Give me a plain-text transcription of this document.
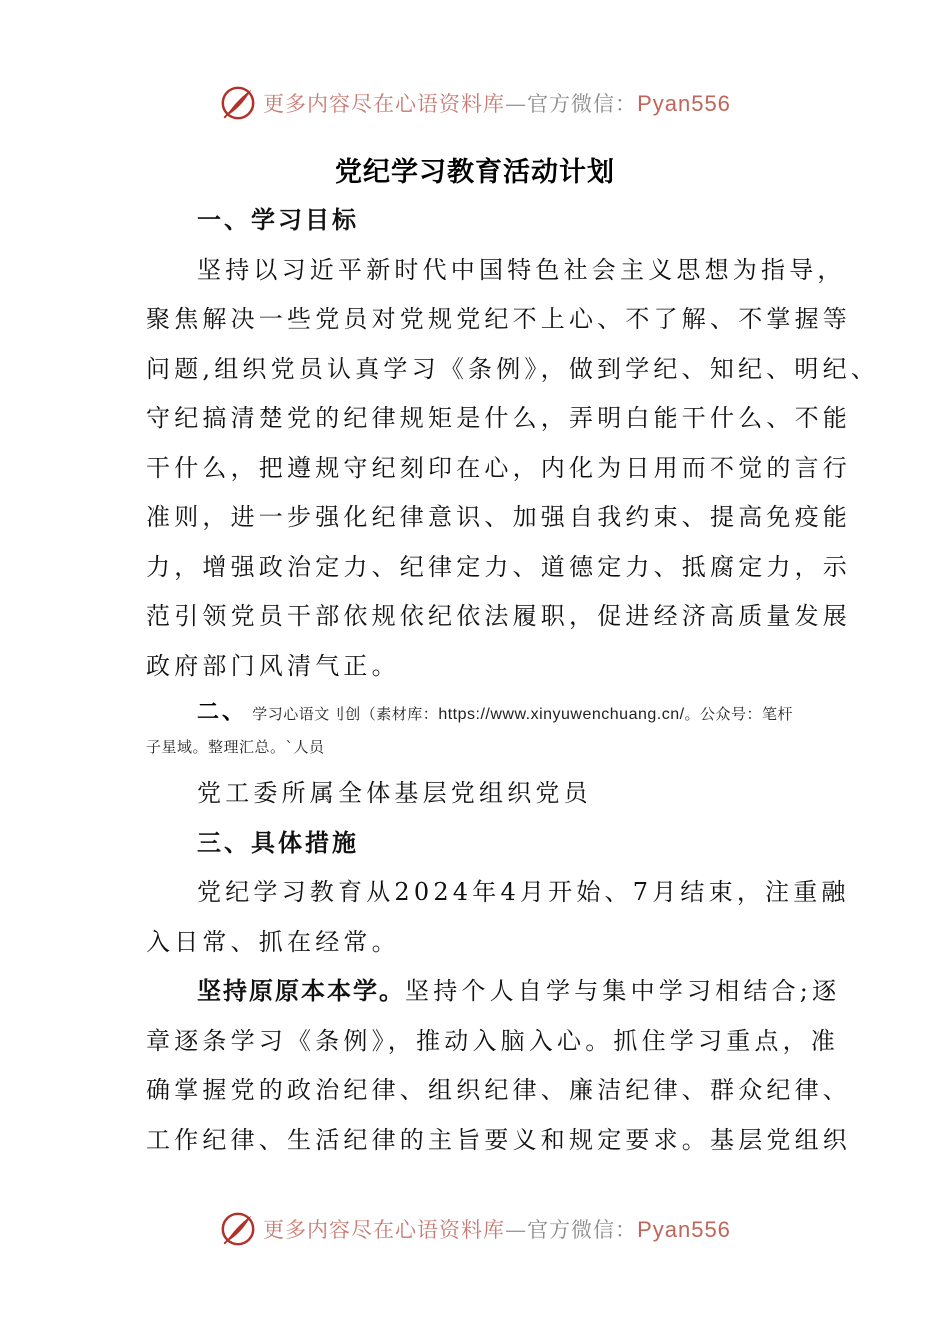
更多内容尽在心语资料库—官方微信：Pyan556
党纪学习教育活动计划
一、学习目标
坚持以习近平新时代中国特色社会主义思想为指导，
聚焦解决一些党员对党规党纪不上心、不了解、不掌握等
问题,组织党员认真学习《条例》，做到学纪、知纪、明纪、
守纪搞清楚党的纪律规矩是什么，弄明白能干什么、不能
干什么，把遵规守纪刻印在心，内化为日用而不觉的言行
准则，进一步强化纪律意识、加强自我约束、提高免疫能
力，增强政治定力、纪律定力、道德定力、抵腐定力，示
范引领党员干部依规依纪依法履职，促进经济高质量发展
政府部门风清气正。
二、 学习心语文刂创（素材库：https://www.xinyuwenchuang.cn/。公众号：笔杆
子星域。整理汇总。`人员
党工委所属全体基层党组织党员
三、具体措施
党纪学习教育从2024年4月开始、7月结束，注重融
入日常、抓在经常。
坚持原原本本学。坚持个人自学与集中学习相结合;逐
章逐条学习《条例》，推动入脑入心。抓住学习重点，准
确掌握党的政治纪律、组织纪律、廉洁纪律、群众纪律、
工作纪律、生活纪律的主旨要义和规定要求。基层党组织
更多内容尽在心语资料库—官方微信：Pyan556
